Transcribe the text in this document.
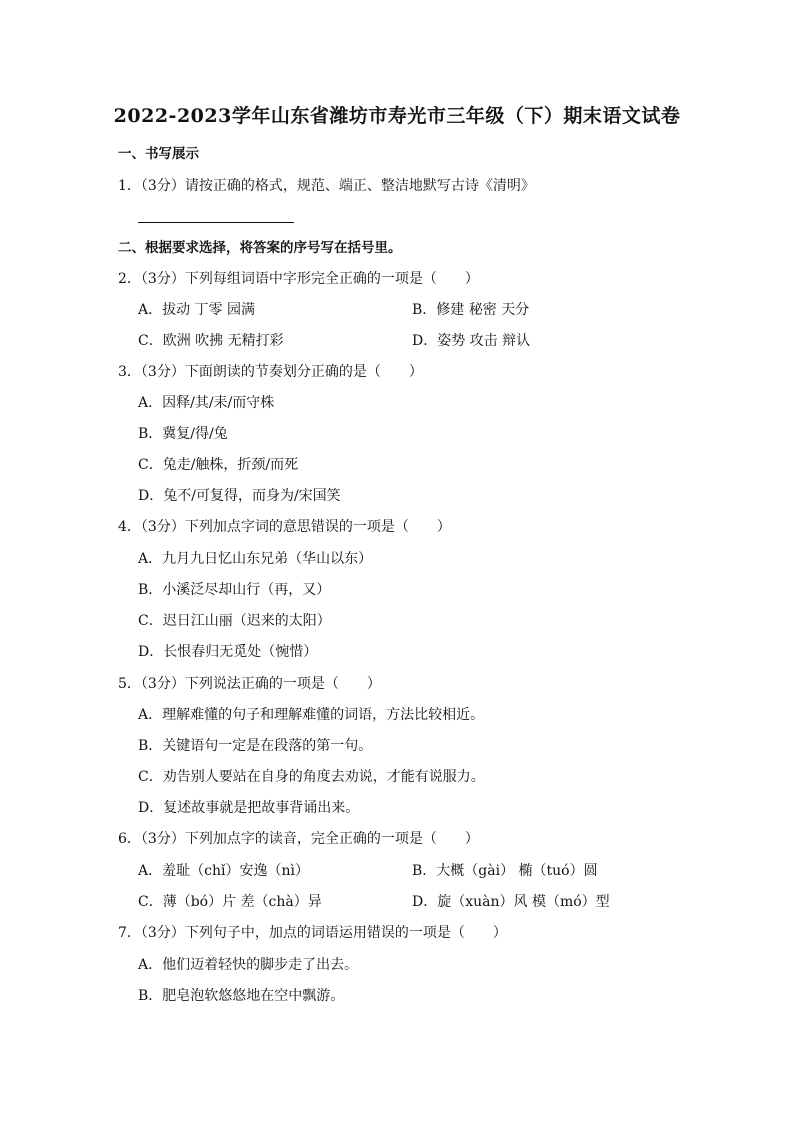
2022-2023学年山东省潍坊市寿光市三年级（下）期末语文试卷
一、书写展示
1．（3分）请按正确的格式，规范、端正、整洁地默写古诗《清明》
二、根据要求选择，将答案的序号写在括号里。
2．（3分）下列每组词语中字形完全正确的一项是（　　）
A．拔动 丁零 园满	B．修建 秘密 天分
C．欧洲 吹拂 无精打彩	D．姿势 攻击 辩认
3．（3分）下面朗读的节奏划分正确的是（　　）
A．因释/其/耒/而守株
B．冀复/得/兔
C．兔走/触株，折颈/而死
D．兔不/可复得，而身为/宋国笑
4．（3分）下列加点字词的意思错误的一项是（　　）
A．九月九日忆山东兄弟（华山以东）
B．小溪泛尽却山行（再，又）
C．迟日江山丽（迟来的太阳）
D．长恨春归无觅处（惋惜）
5．（3分）下列说法正确的一项是（　　）
A．理解难懂的句子和理解难懂的词语，方法比较相近。
B．关键语句一定是在段落的第一句。
C．劝告别人要站在自身的角度去劝说，才能有说服力。
D．复述故事就是把故事背诵出来。
6．（3分）下列加点字的读音，完全正确的一项是（　　）
A．羞耻（chǐ）安逸（nì）	B．大概（gài） 椭（tuó）圆
C．薄（bó）片 差（chà）异	D．旋（xuàn）风 模（mó）型
7．（3分）下列句子中，加点的词语运用错误的一项是（　　）
A．他们迈着轻快的脚步走了出去。
B．肥皂泡软悠悠地在空中飘游。
